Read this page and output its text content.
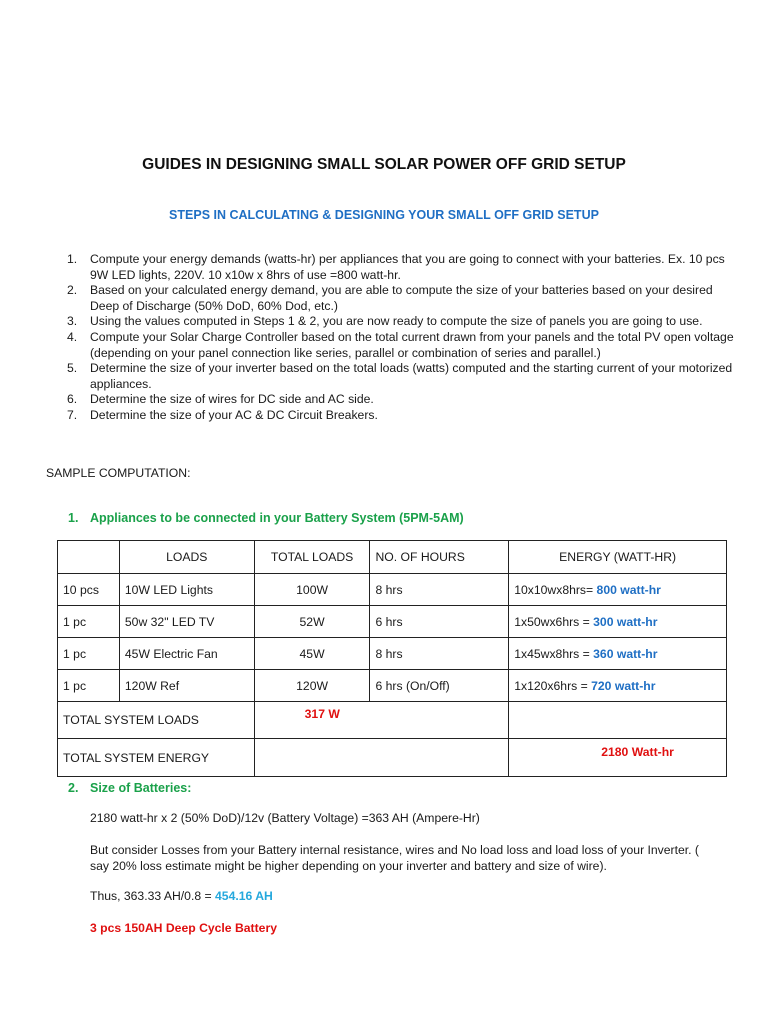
GUIDES IN DESIGNING SMALL SOLAR POWER OFF GRID SETUP
STEPS IN CALCULATING & DESIGNING YOUR SMALL OFF GRID SETUP
1. Compute your energy demands (watts-hr) per appliances that you are going to connect with your batteries. Ex. 10 pcs 9W LED lights, 220V. 10 x10w x 8hrs of use =800 watt-hr.
2. Based on your calculated energy demand, you are able to compute the size of your batteries based on your desired Deep of Discharge (50% DoD, 60% Dod, etc.)
3. Using the values computed in Steps 1 & 2, you are now ready to compute the size of panels you are going to use.
4. Compute your Solar Charge Controller based on the total current drawn from your panels and the total PV open voltage (depending on your panel connection like series, parallel or combination of series and parallel.)
5. Determine the size of your inverter based on the total loads (watts) computed and the starting current of your motorized appliances.
6. Determine the size of wires for DC side and AC side.
7. Determine the size of your AC & DC Circuit Breakers.
SAMPLE COMPUTATION:
1. Appliances to be connected in your Battery System (5PM-5AM)
	LOADS	TOTAL LOADS	NO. OF HOURS	ENERGY (WATT-HR)
10 pcs	10W LED Lights	100W	8 hrs	10x10wx8hrs= 800 watt-hr
1 pc	50w 32" LED TV	52W	6 hrs	1x50wx6hrs = 300 watt-hr
1 pc	45W Electric Fan	45W	8 hrs	1x45wx8hrs = 360 watt-hr
1 pc	120W Ref	120W	6 hrs (On/Off)	1x120x6hrs = 720 watt-hr
TOTAL SYSTEM LOADS		317 W		
TOTAL SYSTEM ENERGY				2180 Watt-hr
2. Size of Batteries:
2180 watt-hr x 2 (50% DoD)/12v (Battery Voltage) =363 AH (Ampere-Hr)
But consider Losses from your Battery internal resistance, wires and No load loss and load loss of your Inverter. ( say 20% loss estimate might be higher depending on your inverter and battery and size of wire).
Thus, 363.33 AH/0.8 = 454.16 AH
3 pcs 150AH Deep Cycle Battery
